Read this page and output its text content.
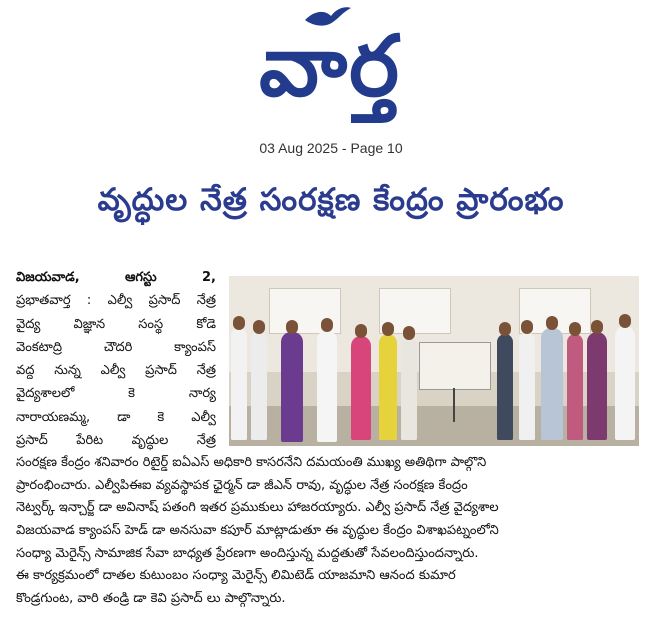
వార్త
03 Aug 2025 - Page 10
వృద్ధుల నేత్ర సంరక్షణ కేంద్రం ప్రారంభం
విజయవాడ, ఆగస్టు 2,
ప్రభాతవార్త : ఎల్వీ ప్రసాద్ నేత్ర
వైద్య విజ్ఞాన సంస్థ కోడె
వెంకటాద్రి చౌదరి క్యాంపస్
వద్ద నున్న ఎల్వీ ప్రసాద్ నేత్ర
వైద్యశాలలో కె నార్య
నారాయణమ్మ, డా కె ఎల్వీ
ప్రసాద్ పేరిట వృద్ధుల నేత్ర
సంరక్షణ కేంద్రం శనివారం రిటైర్డ్ ఐఏఎస్ అధికారి కాసరనేని దమయంతి ముఖ్య అతిథిగా పాల్గొని
ప్రారంభించారు. ఎల్వీపిఈఐ వ్యవస్థాపక ఛైర్మన్ డా జీఎన్ రావు, వృద్ధుల నేత్ర సంరక్షణ కేంద్రం
నెట్వర్క్ ఇన్చార్జ్ డా అవినాష్ పతంగి ఇతర ప్రముకులు హాజరయ్యారు. ఎల్వీ ప్రసాద్ నేత్ర వైద్యశాల
విజయవాడ క్యాంపస్ హెడ్ డా అనసువా కపూర్ మాట్లాడుతూ ఈ వృద్ధుల కేంద్రం విశాఖపట్నంలోని
సంధ్యా మెరైన్స్ సామాజిక సేవా బాధ్యత ప్రేరణగా అందిస్తున్న మద్దతుతో సేవలందిస్తుందన్నారు.
ఈ కార్యక్రమంలో దాతల కుటుంబం సంధ్యా మెరైన్స్ లిమిటెడ్ యాజమాని ఆనంద కుమార
కొండ్రగుంట, వారి తండ్రి డా కెవి ప్రసాద్ లు పాల్గొన్నారు.
